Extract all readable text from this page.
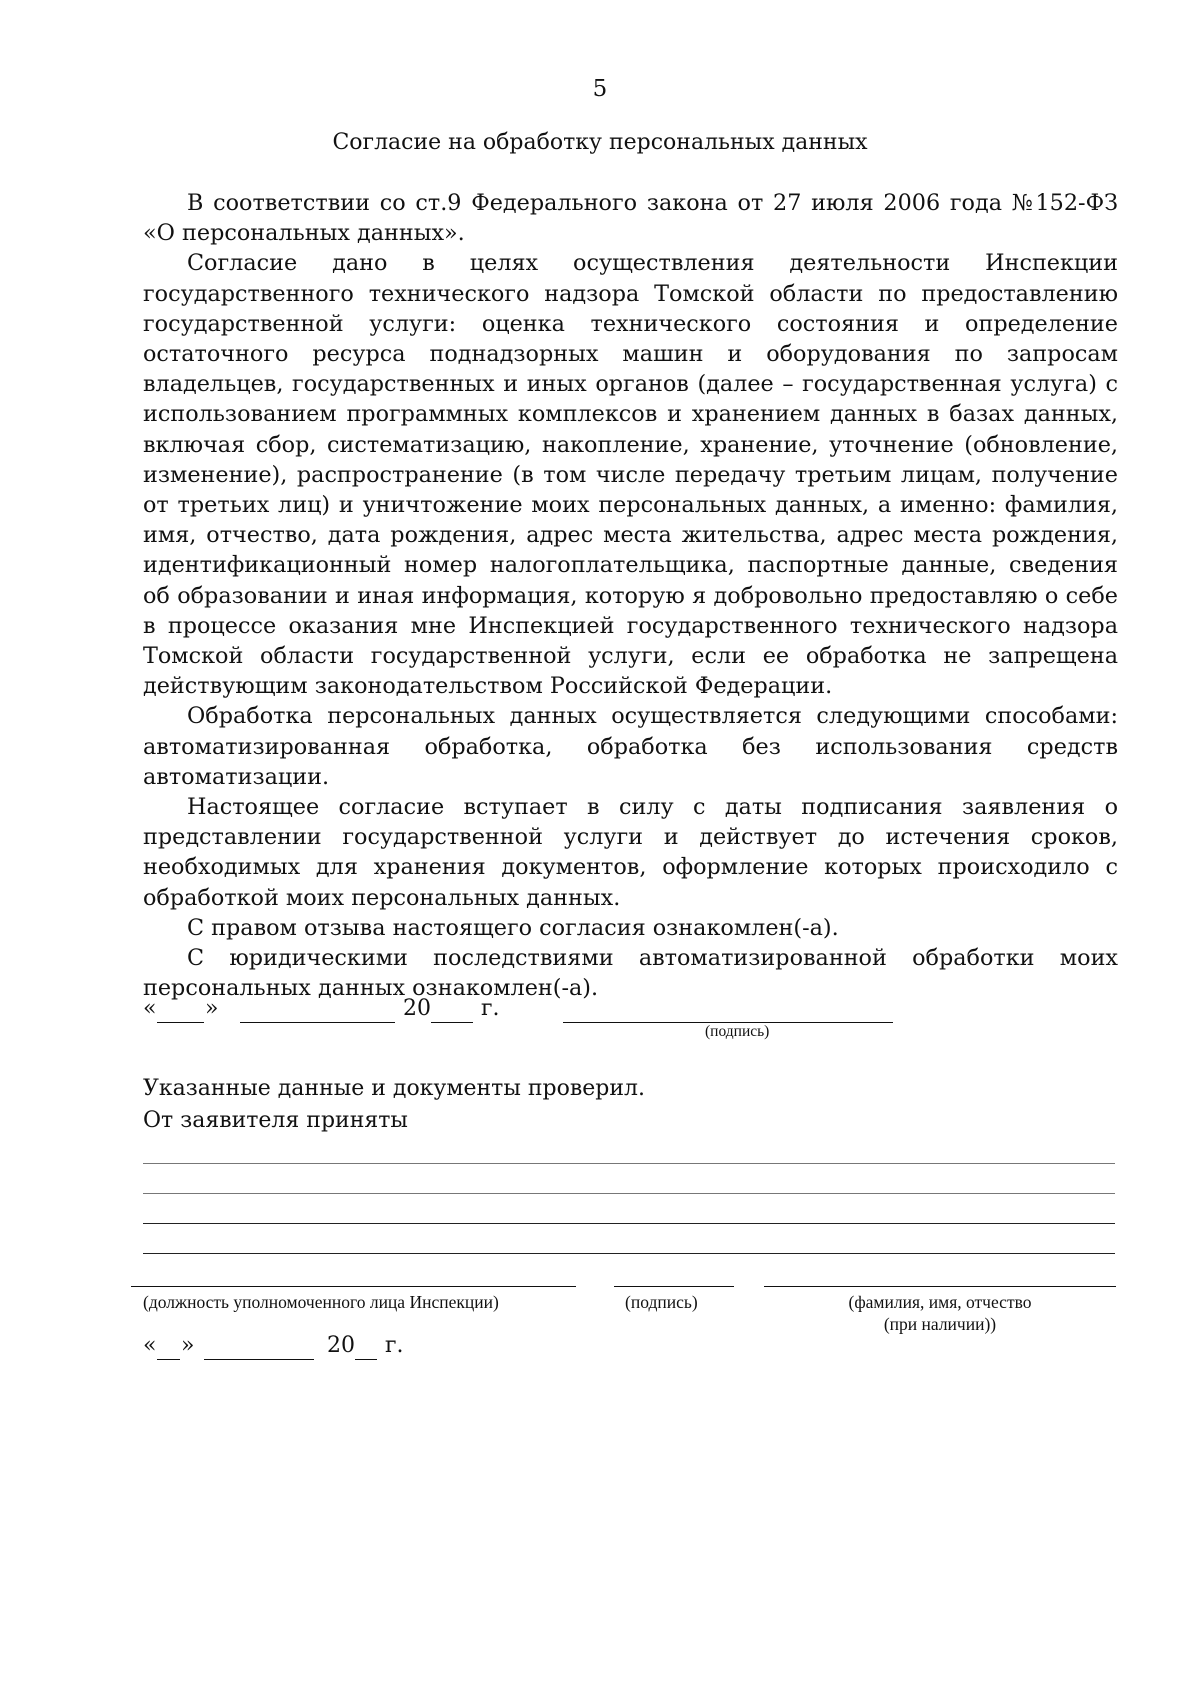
5
Согласие на обработку персональных данных

В соответствии со ст.9 Федерального закона от 27 июля 2006 года №152-ФЗ «О персональных данных».

Согласие дано в целях осуществления деятельности Инспекции государственного технического надзора Томской области по предоставлению государственной услуги: оценка технического состояния и определение остаточного ресурса поднадзорных машин и оборудования по запросам владельцев, государственных и иных органов (далее – государственная услуга) с использованием программных комплексов и хранением данных в базах данных, включая сбор, систематизацию, накопление, хранение, уточнение (обновление, изменение), распространение (в том числе передачу третьим лицам, получение от третьих лиц) и уничтожение моих персональных данных, а именно: фамилия, имя, отчество, дата рождения, адрес места жительства, адрес места рождения, идентификационный номер налогоплательщика, паспортные данные, сведения об образовании и иная информация, которую я добровольно предоставляю о себе в процессе оказания мне Инспекцией государственного технического надзора Томской области государственной услуги, если ее обработка не запрещена действующим законодательством Российской Федерации.

Обработка персональных данных осуществляется следующими способами: автоматизированная обработка, обработка без использования средств автоматизации.

Настоящее согласие вступает в силу с даты подписания заявления о представлении государственной услуги и действует до истечения сроков, необходимых для хранения документов, оформление которых происходило с обработкой моих персональных данных.

С правом отзыва настоящего согласия ознакомлен(-а).

С юридическими последствиями автоматизированной обработки моих персональных данных ознакомлен(-а).

« »	20 г.
(подпись)
Указанные данные и документы проверил.
От заявителя приняты
(должность уполномоченного лица Инспекции)	(подпись)	(фамилия, имя, отчество
(при наличии))
« »	20 г.
